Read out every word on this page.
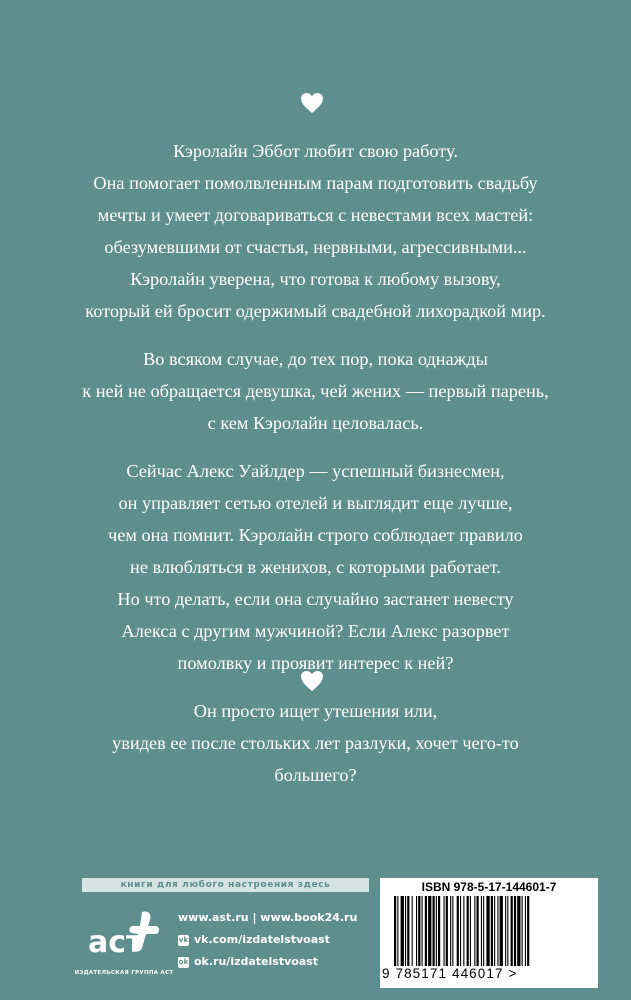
Кэролайн Эббот любит свою работу.
Она помогает помолвленным парам подготовить свадьбу
мечты и умеет договариваться с невестами всех мастей:
обезумевшими от счастья, нервными, агрессивными...
Кэролайн уверена, что готова к любому вызову,
который ей бросит одержимый свадебной лихорадкой мир.

Во всяком случае, до тех пор, пока однажды
к ней не обращается девушка, чей жених — первый парень,
с кем Кэролайн целовалась.

Сейчас Алекс Уайлдер — успешный бизнесмен,
он управляет сетью отелей и выглядит еще лучше,
чем она помнит. Кэролайн строго соблюдает правило
не влюбляться в женихов, с которыми работает.
Но что делать, если она случайно застанет невесту
Алекса с другим мужчиной? Если Алекс разорвет
помолвку и проявит интерес к ней?

Он просто ищет утешения или,
увидев ее после стольких лет разлуки, хочет чего-то
большего?

книги для любого настроения здесь
аст
ИЗДАТЕЛЬСКАЯ ГРУППА АСТ
www.ast.ru | www.book24.ru
vk vk.com/izdatelstvoast
ok ok.ru/izdatelstvoast
ISBN 978-5-17-144601-7
9 785171 446017 >
